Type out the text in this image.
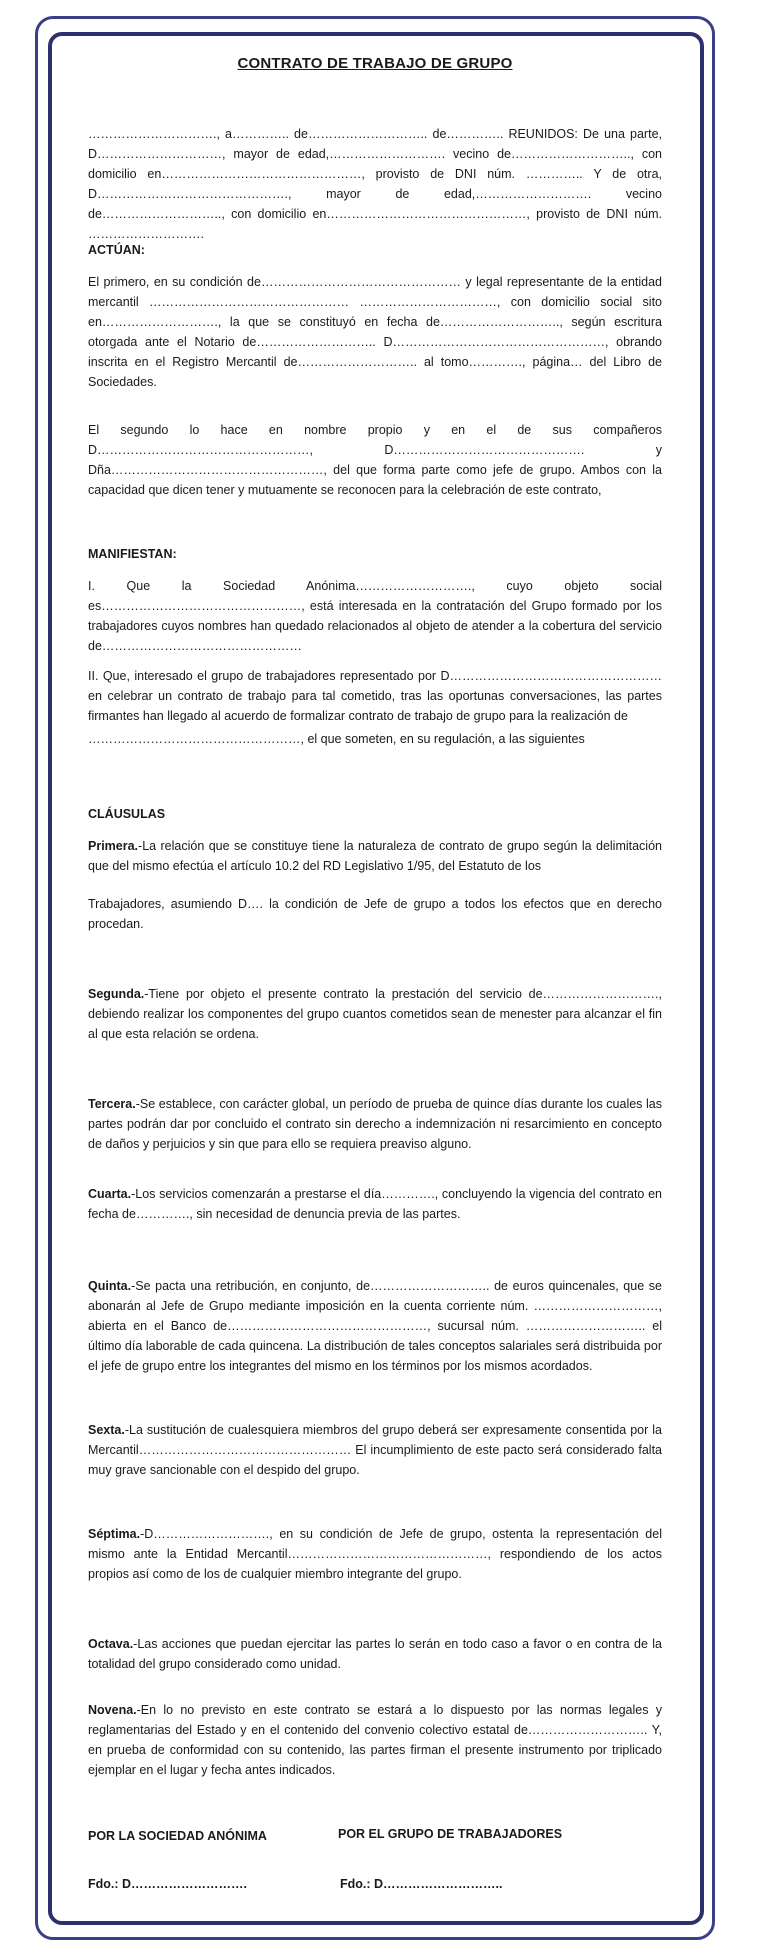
CONTRATO DE TRABAJO DE GRUPO
…………………………., a………….. de……………………….. de………….. REUNIDOS: De una parte, D…………………………, mayor de edad,………………………. vecino de……………………….., con domicilio en…………………………………………, provisto de DNI núm. ………….. Y de otra, D………………………………………., mayor de edad,………………………. vecino de……………………….., con domicilio en…………………………………………, provisto de DNI núm. ……………………….
ACTÚAN:
El primero, en su condición de………………………………………… y legal representante de la entidad mercantil ………………………………………… ……………………………, con domicilio social sito en………………………., la que se constituyó en fecha de……………………….., según escritura otorgada ante el Notario de……………………….. D……………………………………………, obrando inscrita en el Registro Mercantil de……………………….. al tomo…………., página… del Libro de Sociedades.
El segundo lo hace en nombre propio y en el de sus compañeros D……………………………………………, D………………………………………. y Dña……………………………………………, del que forma parte como jefe de grupo. Ambos con la capacidad que dicen tener y mutuamente se reconocen para la celebración de este contrato,
MANIFIESTAN:
I. Que la Sociedad Anónima………………………., cuyo objeto social es…………………………………………, está interesada en la contratación del Grupo formado por los trabajadores cuyos nombres han quedado relacionados al objeto de atender a la cobertura del servicio de…………………………………………
II. Que, interesado el grupo de trabajadores representado por D…………………………………………… en celebrar un contrato de trabajo para tal cometido, tras las oportunas conversaciones, las partes firmantes han llegado al acuerdo de formalizar contrato de trabajo de grupo para la realización de
……………………………………………, el que someten, en su regulación, a las siguientes
CLÁUSULAS
Primera.-La relación que se constituye tiene la naturaleza de contrato de grupo según la delimitación que del mismo efectúa el artículo 10.2 del RD Legislativo 1/95, del Estatuto de los
Trabajadores, asumiendo D…. la condición de Jefe de grupo a todos los efectos que en derecho procedan.
Segunda.-Tiene por objeto el presente contrato la prestación del servicio de………………………., debiendo realizar los componentes del grupo cuantos cometidos sean de menester para alcanzar el fin al que esta relación se ordena.
Tercera.-Se establece, con carácter global, un período de prueba de quince días durante los cuales las partes podrán dar por concluido el contrato sin derecho a indemnización ni resarcimiento en concepto de daños y perjuicios y sin que para ello se requiera preaviso alguno.
Cuarta.-Los servicios comenzarán a prestarse el día…………., concluyendo la vigencia del contrato en fecha de…………., sin necesidad de denuncia previa de las partes.
Quinta.-Se pacta una retribución, en conjunto, de……………………….. de euros quincenales, que se abonarán al Jefe de Grupo mediante imposición en la cuenta corriente núm. …………………………, abierta en el Banco de…………………………………………, sucursal núm. ……………………….. el último día laborable de cada quincena. La distribución de tales conceptos salariales será distribuida por el jefe de grupo entre los integrantes del mismo en los términos por los mismos acordados.
Sexta.-La sustitución de cualesquiera miembros del grupo deberá ser expresamente consentida por la Mercantil…………………………………………… El incumplimiento de este pacto será considerado falta muy grave sancionable con el despido del grupo.
Séptima.-D………………………., en su condición de Jefe de grupo, ostenta la representación del mismo ante la Entidad Mercantil…………………………………………, respondiendo de los actos propios así como de los de cualquier miembro integrante del grupo.
Octava.-Las acciones que puedan ejercitar las partes lo serán en todo caso a favor o en contra de la totalidad del grupo considerado como unidad.
Novena.-En lo no previsto en este contrato se estará a lo dispuesto por las normas legales y reglamentarias del Estado y en el contenido del convenio colectivo estatal de……………………….. Y, en prueba de conformidad con su contenido, las partes firman el presente instrumento por triplicado ejemplar en el lugar y fecha antes indicados.
POR LA SOCIEDAD ANÓNIMA	POR EL GRUPO DE TRABAJADORES
Fdo.: D……………………….	Fdo.: D………………………..
